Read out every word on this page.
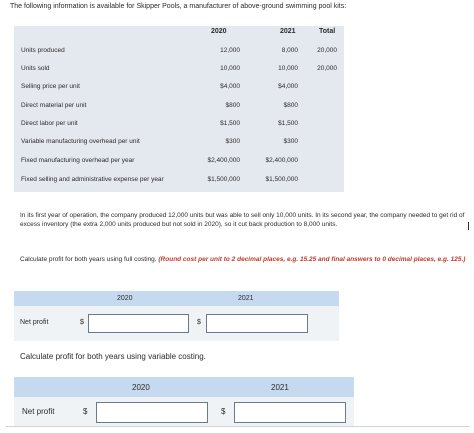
The following information is available for Skipper Pools, a manufacturer of above-ground swimming pool kits:
2020	2021	Total
Units produced	12,000	8,000	20,000
Units sold	10,000	10,000	20,000
Selling price per unit	$4,000	$4,000
Direct material per unit	$800	$800
Direct labor per unit	$1,500	$1,500
Variable manufacturing overhead per unit	$300	$300
Fixed manufacturing overhead per year	$2,400,000	$2,400,000
Fixed selling and administrative expense per year	$1,500,000	$1,500,000
In its first year of operation, the company produced 12,000 units but was able to sell only 10,000 units. In its second year, the company needed to get rid of excess inventory (the extra 2,000 units produced but not sold in 2020), so it cut back production to 8,000 units.
Calculate profit for both years using full costing. (Round cost per unit to 2 decimal places, e.g. 15.25 and final answers to 0 decimal places, e.g. 125.)
2020	2021
Net profit	$	$
Calculate profit for both years using variable costing.
2020	2021
Net profit	$	$
